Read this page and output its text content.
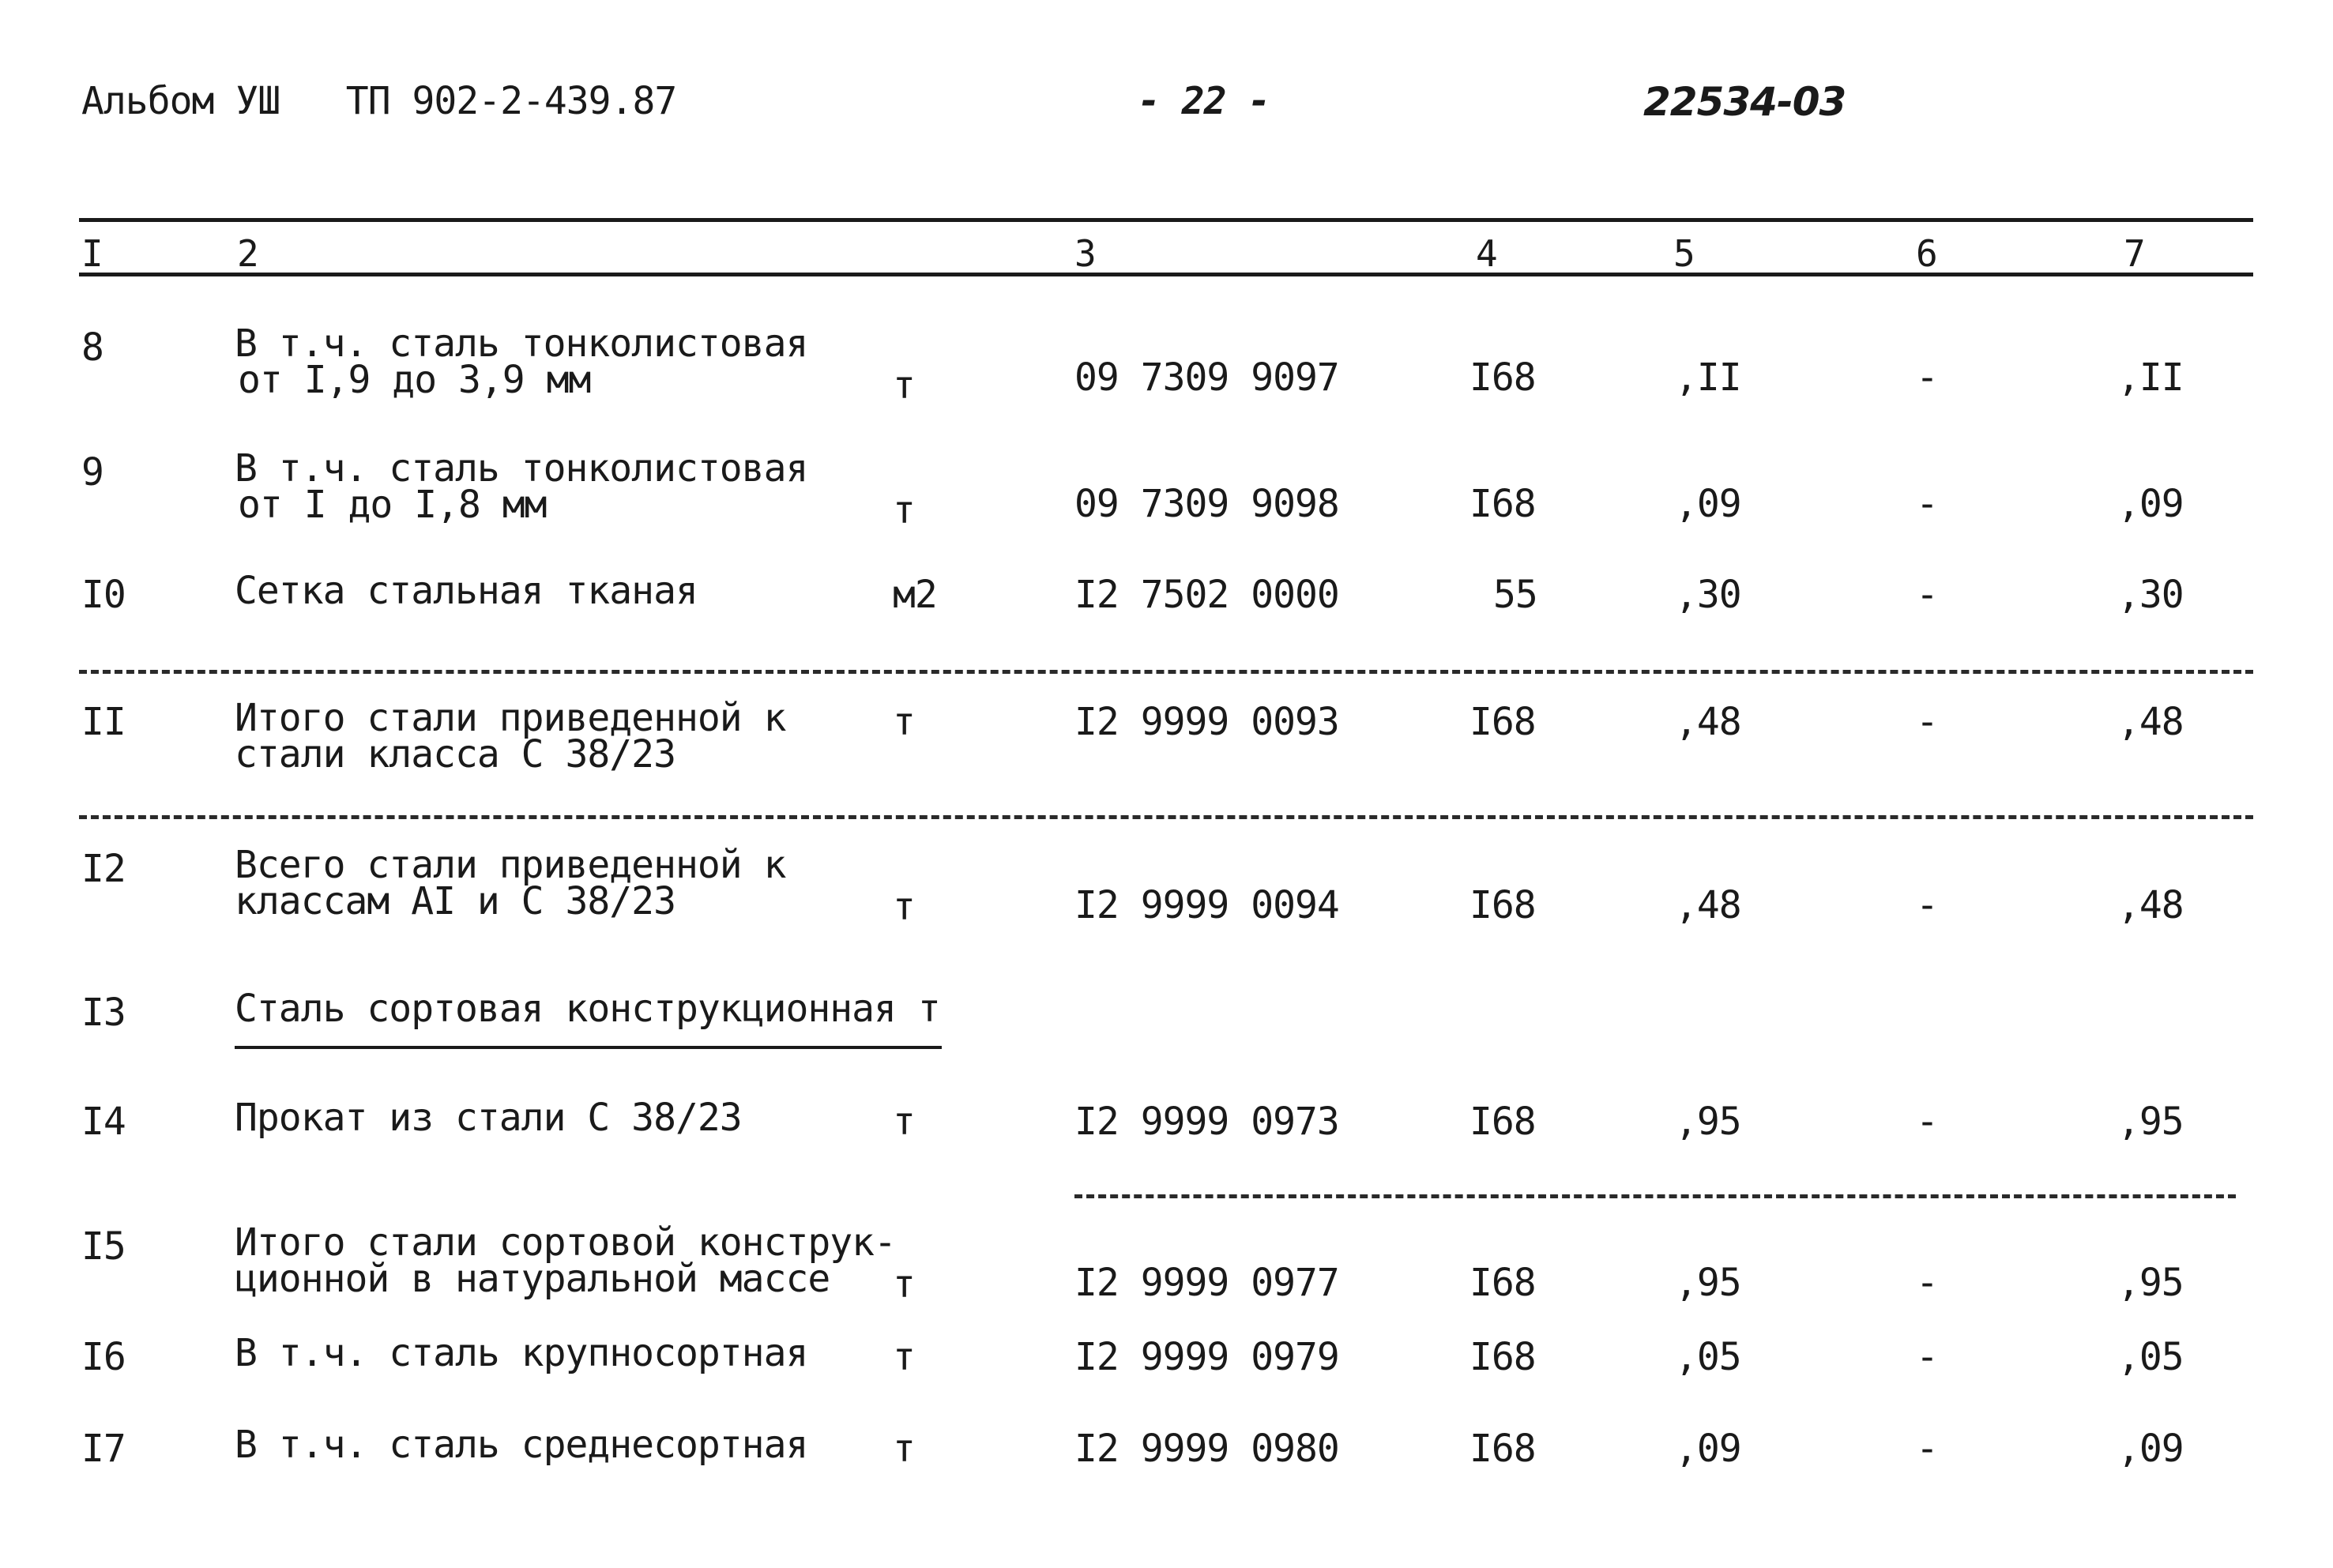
Альбом УШ ТП 902-2-439.87	- 22 -	22534-03
I	2	3	4	5	6	7
8	В т.ч. сталь тонколистовая
от I,9 до 3,9 мм	т	09 7309 9097	I68	,II	-	,II
9	В т.ч. сталь тонколистовая
от I до I,8 мм	т	09 7309 9098	I68	,09	-	,09
I0	Сетка стальная тканая	м2	I2 7502 0000	55	,30	-	,30
II	Итого стали приведенной к
стали класса С 38/23
т	I2 9999 0093	I68	,48	-	,48
I2	Всего стали приведенной к
классам АI и С 38/23	т	I2 9999 0094	I68	,48	-	,48
I3	Сталь сортовая конструкционная т
I4	Прокат из стали С 38/23	т	I2 9999 0973	I68	,95	-	,95
I5	Итого стали сортовой конструк-
ционной в натуральной массе	т	I2 9999 0977	I68	,95	-	,95
I6	В т.ч. сталь крупносортная т	I2 9999 0979	I68	,05	-	,05
I7	В т.ч. сталь среднесортная т	I2 9999 0980	I68	,09	-	,09
